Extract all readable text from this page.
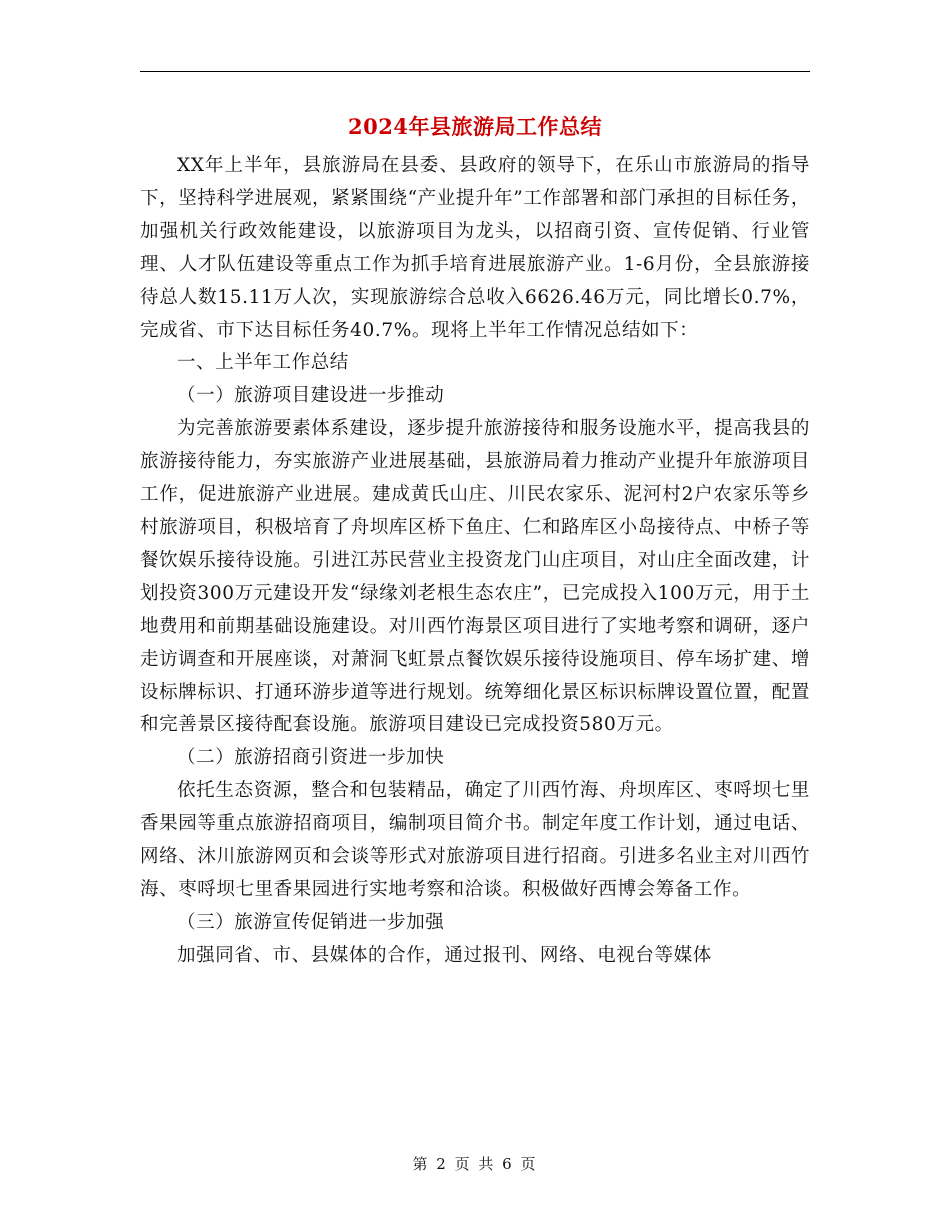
2024年县旅游局工作总结

XX年上半年，县旅游局在县委、县政府的领导下，在乐山市旅游局的指导下，坚持科学进展观，紧紧围绕“产业提升年”工作部署和部门承担的目标任务，加强机关行政效能建设，以旅游项目为龙头，以招商引资、宣传促销、行业管理、人才队伍建设等重点工作为抓手培育进展旅游产业。1-6月份，全县旅游接待总人数15.11万人次，实现旅游综合总收入6626.46万元，同比增长0.7%，完成省、市下达目标任务40.7%。现将上半年工作情况总结如下：

一、上半年工作总结

（一）旅游项目建设进一步推动

为完善旅游要素体系建设，逐步提升旅游接待和服务设施水平，提高我县的旅游接待能力，夯实旅游产业进展基础，县旅游局着力推动产业提升年旅游项目工作，促进旅游产业进展。建成黄氏山庄、川民农家乐、泥河村2户农家乐等乡村旅游项目，积极培育了舟坝库区桥下鱼庄、仁和路库区小岛接待点、中桥子等餐饮娱乐接待设施。引进江苏民营业主投资龙门山庄项目，对山庄全面改建，计划投资300万元建设开发“绿缘刘老根生态农庄”，已完成投入100万元，用于土地费用和前期基础设施建设。对川西竹海景区项目进行了实地考察和调研，逐户走访调查和开展座谈，对萧洞飞虹景点餐饮娱乐接待设施项目、停车场扩建、增设标牌标识、打通环游步道等进行规划。统筹细化景区标识标牌设置位置，配置和完善景区接待配套设施。旅游项目建设已完成投资580万元。

（二）旅游招商引资进一步加快

依托生态资源，整合和包装精品，确定了川西竹海、舟坝库区、枣哷坝七里香果园等重点旅游招商项目，编制项目简介书。制定年度工作计划，通过电话、网络、沐川旅游网页和会谈等形式对旅游项目进行招商。引进多名业主对川西竹海、枣哷坝七里香果园进行实地考察和洽谈。积极做好西博会筹备工作。

（三）旅游宣传促销进一步加强

加强同省、市、县媒体的合作，通过报刊、网络、电视台等媒体

第 2 页 共 6 页
